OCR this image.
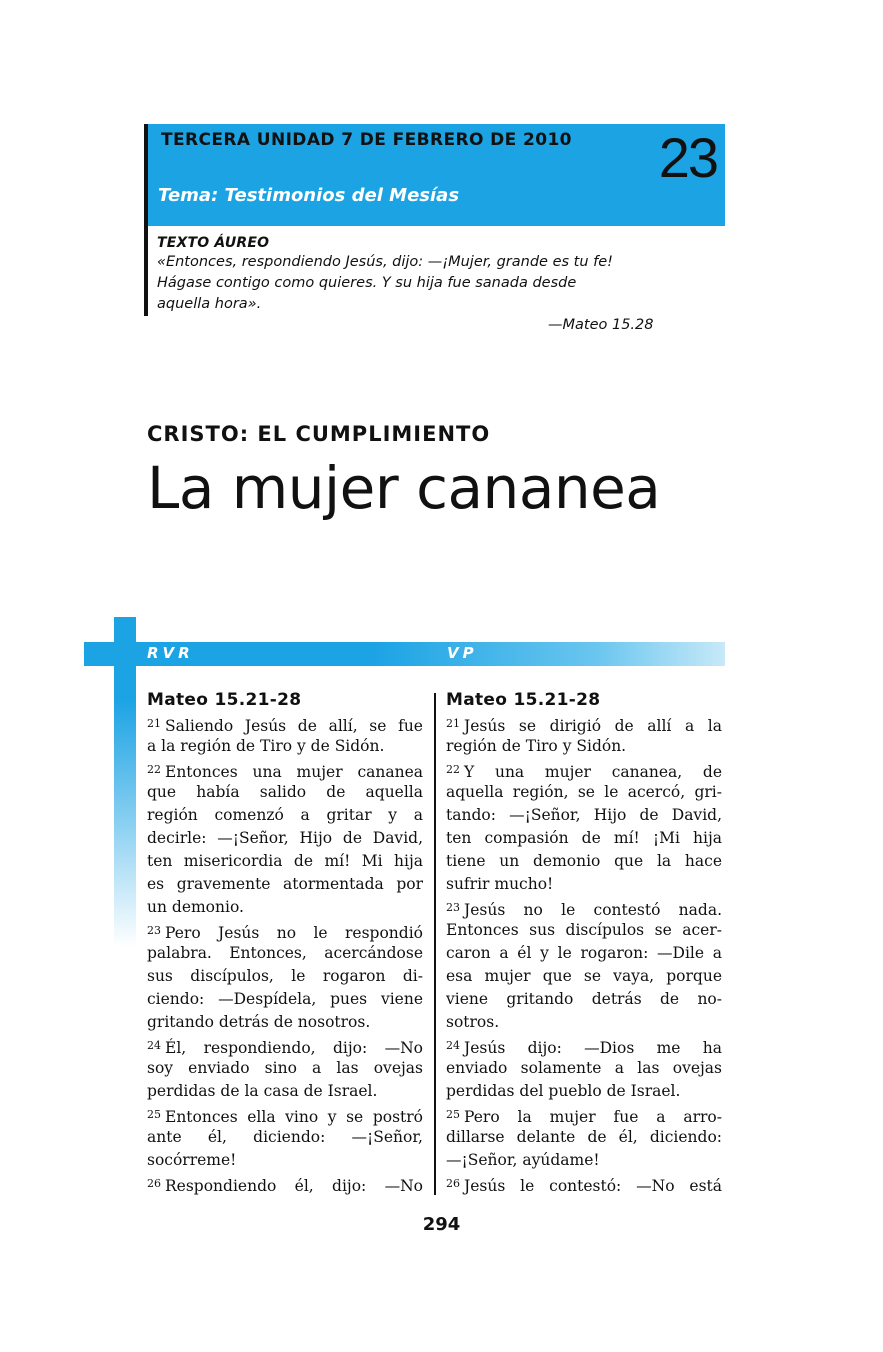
TERCERA UNIDAD 7 DE FEBRERO DE 2010 23
Tema: Testimonios del Mesías
TEXTO ÁUREO
«Entonces, respondiendo Jesús, dijo: —¡Mujer, grande es tu fe!
Hágase contigo como quieres. Y su hija fue sanada desde
aquella hora».
—Mateo 15.28
CRISTO: EL CUMPLIMIENTO
La mujer cananea
RVR	VP
Mateo 15.21-28
$^{21}$ Saliendo Jesús de allí, se fue
a la región de Tiro y de Sidón.
$^{22}$ Entonces una mujer cananea
que había salido de aquella
región comenzó a gritar y a
decirle: —¡Señor, Hijo de David,
ten misericordia de mí! Mi hija
es gravemente atormentada por
un demonio.
$^{23}$ Pero Jesús no le respondió
palabra. Entonces, acercándose
sus discípulos, le rogaron di-
ciendo: —Despídela, pues viene
gritando detrás de nosotros.
$^{24}$ Él, respondiendo, dijo: —No
soy enviado sino a las ovejas
perdidas de la casa de Israel.
$^{25}$ Entonces ella vino y se postró
ante él, diciendo: —¡Señor,
socórreme!
$^{26}$ Respondiendo él, dijo: —No
Mateo 15.21-28
$^{21}$ Jesús se dirigió de allí a la
región de Tiro y Sidón.
$^{22}$ Y una mujer cananea, de
aquella región, se le acercó, gri-
tando: —¡Señor, Hijo de David,
ten compasión de mí! ¡Mi hija
tiene un demonio que la hace
sufrir mucho!
$^{23}$ Jesús no le contestó nada.
Entonces sus discípulos se acer-
caron a él y le rogaron: —Dile a
esa mujer que se vaya, porque
viene gritando detrás de no-
sotros.
$^{24}$ Jesús dijo: —Dios me ha
enviado solamente a las ovejas
perdidas del pueblo de Israel.
$^{25}$ Pero la mujer fue a arro-
dillarse delante de él, diciendo:
—¡Señor, ayúdame!
$^{26}$ Jesús le contestó: —No está
294
